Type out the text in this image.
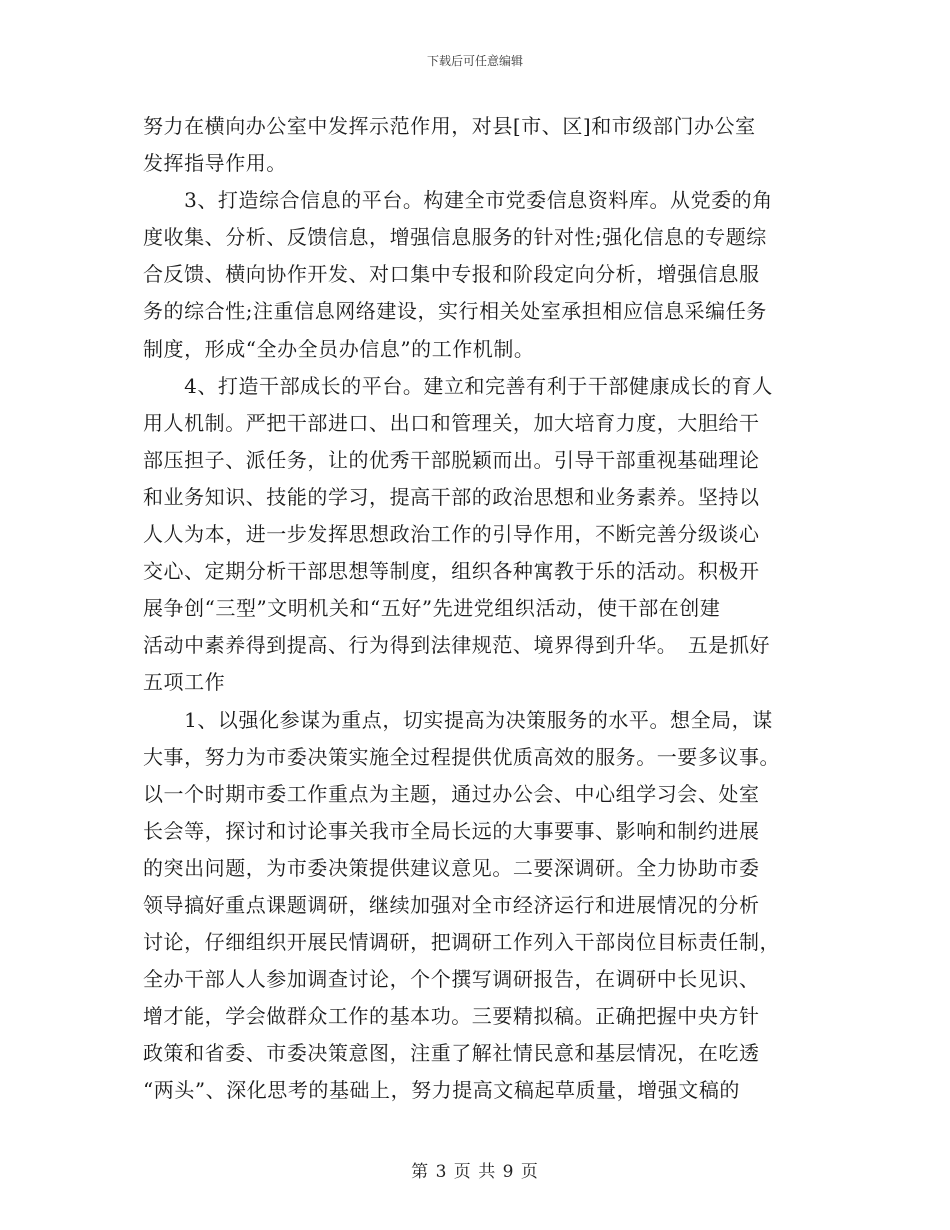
下载后可任意编辑
努力在横向办公室中发挥示范作用，对县[市、区]和市级部门办公室
发挥指导作用。
　　3、打造综合信息的平台。构建全市党委信息资料库。从党委的角
度收集、分析、反馈信息，增强信息服务的针对性;强化信息的专题综
合反馈、横向协作开发、对口集中专报和阶段定向分析，增强信息服
务的综合性;注重信息网络建设，实行相关处室承担相应信息采编任务
制度，形成“全办全员办信息”的工作机制。
　　4、打造干部成长的平台。建立和完善有利于干部健康成长的育人
用人机制。严把干部进口、出口和管理关，加大培育力度，大胆给干
部压担子、派任务，让的优秀干部脱颖而出。引导干部重视基础理论
和业务知识、技能的学习，提高干部的政治思想和业务素养。坚持以
人人为本，进一步发挥思想政治工作的引导作用，不断完善分级谈心
交心、定期分析干部思想等制度，组织各种寓教于乐的活动。积极开
展争创“三型”文明机关和“五好”先进党组织活动，使干部在创建
活动中素养得到提高、行为得到法律规范、境界得到升华。　五是抓好
五项工作
　　1、以强化参谋为重点，切实提高为决策服务的水平。想全局，谋
大事，努力为市委决策实施全过程提供优质高效的服务。一要多议事。
以一个时期市委工作重点为主题，通过办公会、中心组学习会、处室
长会等，探讨和讨论事关我市全局长远的大事要事、影响和制约进展
的突出问题，为市委决策提供建议意见。二要深调研。全力协助市委
领导搞好重点课题调研，继续加强对全市经济运行和进展情况的分析
讨论，仔细组织开展民情调研，把调研工作列入干部岗位目标责任制，
全办干部人人参加调查讨论，个个撰写调研报告，在调研中长见识、
增才能，学会做群众工作的基本功。三要精拟稿。正确把握中央方针
政策和省委、市委决策意图，注重了解社情民意和基层情况，在吃透
“两头”、深化思考的基础上，努力提高文稿起草质量，增强文稿的
第 3 页 共 9 页
